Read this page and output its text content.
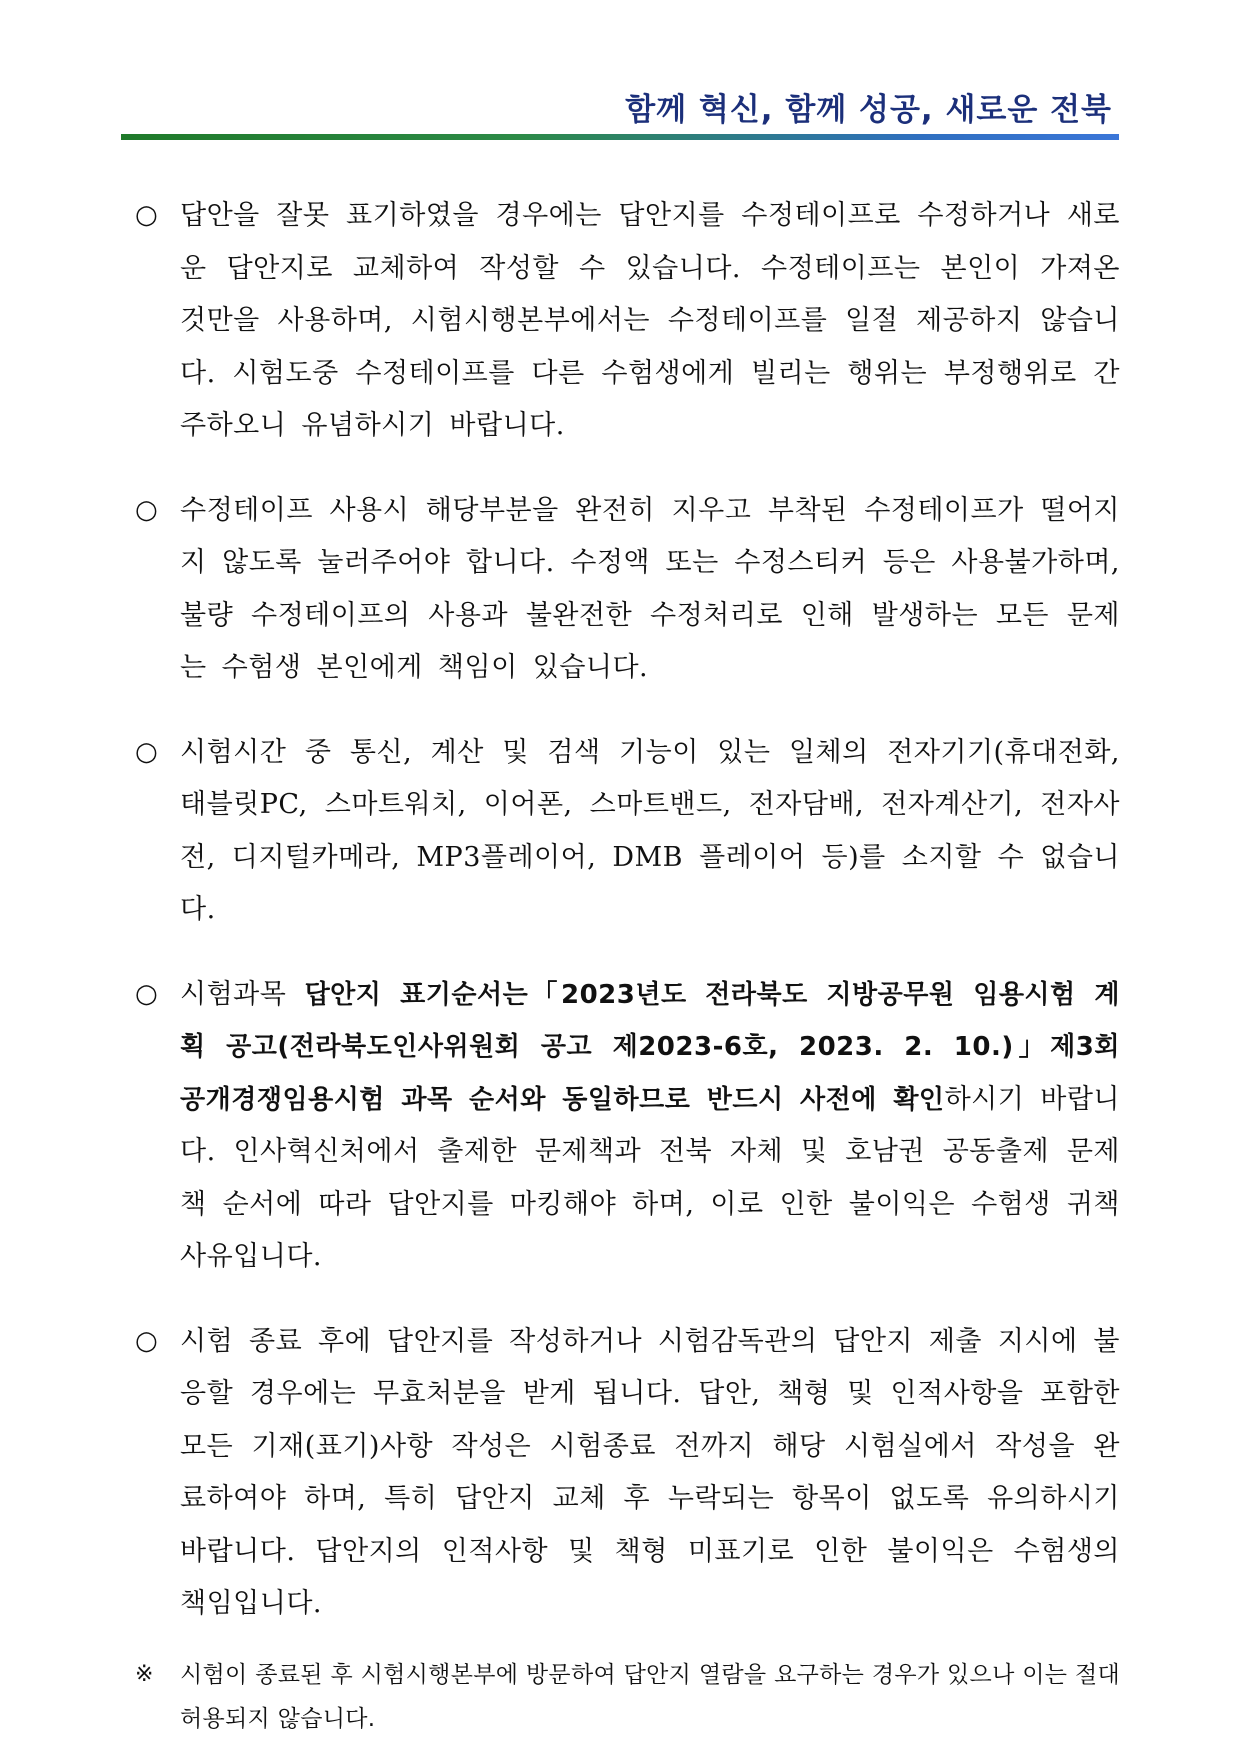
함께 혁신, 함께 성공, 새로운 전북
○ 답안을 잘못 표기하였을 경우에는 답안지를 수정테이프로 수정하거나 새로운 답안지로 교체하여 작성할 수 있습니다. 수정테이프는 본인이 가져온 것만을 사용하며, 시험시행본부에서는 수정테이프를 일절 제공하지 않습니다. 시험도중 수정테이프를 다른 수험생에게 빌리는 행위는 부정행위로 간주하오니 유념하시기 바랍니다.
○ 수정테이프 사용시 해당부분을 완전히 지우고 부착된 수정테이프가 떨어지지 않도록 눌러주어야 합니다. 수정액 또는 수정스티커 등은 사용불가하며, 불량 수정테이프의 사용과 불완전한 수정처리로 인해 발생하는 모든 문제는 수험생 본인에게 책임이 있습니다.
○ 시험시간 중 통신, 계산 및 검색 기능이 있는 일체의 전자기기(휴대전화, 태블릿PC, 스마트워치, 이어폰, 스마트밴드, 전자담배, 전자계산기, 전자사전, 디지털카메라, MP3플레이어, DMB 플레이어 등)를 소지할 수 없습니다.
○ 시험과목 답안지 표기순서는「2023년도 전라북도 지방공무원 임용시험 계획 공고(전라북도인사위원회 공고 제2023-6호, 2023. 2. 10.)」제3회 공개경쟁임용시험 과목 순서와 동일하므로 반드시 사전에 확인하시기 바랍니다. 인사혁신처에서 출제한 문제책과 전북 자체 및 호남권 공동출제 문제책 순서에 따라 답안지를 마킹해야 하며, 이로 인한 불이익은 수험생 귀책사유입니다.
○ 시험 종료 후에 답안지를 작성하거나 시험감독관의 답안지 제출 지시에 불응할 경우에는 무효처분을 받게 됩니다. 답안, 책형 및 인적사항을 포함한 모든 기재(표기)사항 작성은 시험종료 전까지 해당 시험실에서 작성을 완료하여야 하며, 특히 답안지 교체 후 누락되는 항목이 없도록 유의하시기 바랍니다. 답안지의 인적사항 및 책형 미표기로 인한 불이익은 수험생의 책임입니다.
※	시험이 종료된 후 시험시행본부에 방문하여 답안지 열람을 요구하는 경우가 있으나 이는 절대 허용되지 않습니다.
